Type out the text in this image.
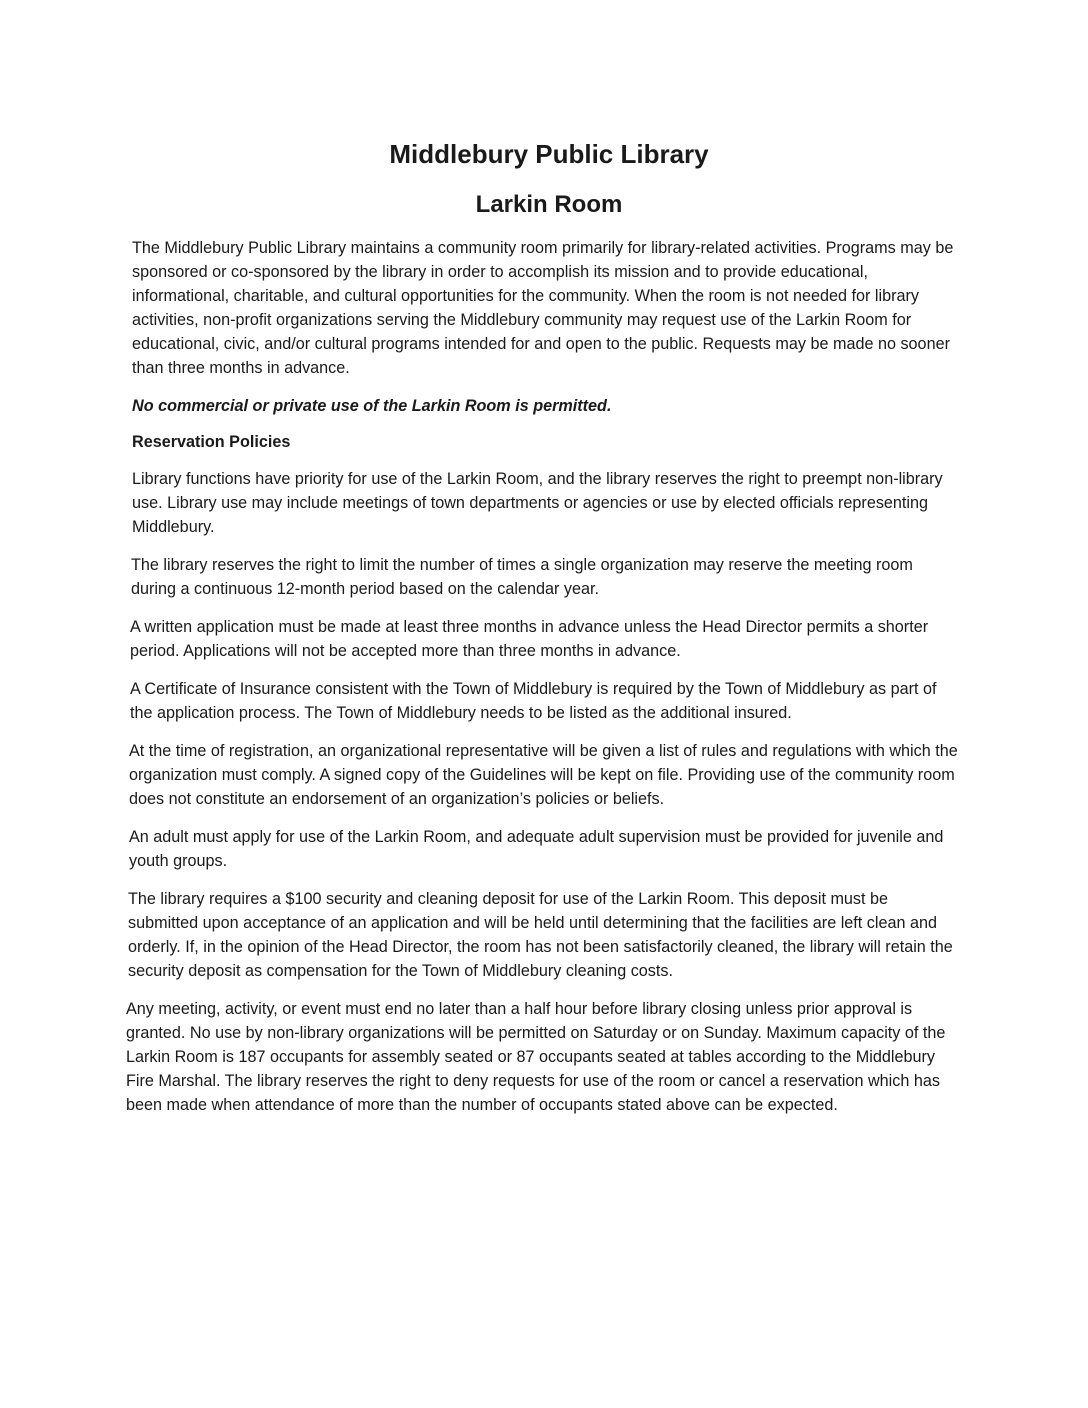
Middlebury Public Library
Larkin Room

The Middlebury Public Library maintains a community room primarily for library-related activities. Programs may be sponsored or co-sponsored by the library in order to accomplish its mission and to provide educational, informational, charitable, and cultural opportunities for the community. When the room is not needed for library activities, non-profit organizations serving the Middlebury community may request use of the Larkin Room for educational, civic, and/or cultural programs intended for and open to the public. Requests may be made no sooner than three months in advance.

No commercial or private use of the Larkin Room is permitted.

Reservation Policies

Library functions have priority for use of the Larkin Room, and the library reserves the right to preempt non-library use. Library use may include meetings of town departments or agencies or use by elected officials representing Middlebury.

The library reserves the right to limit the number of times a single organization may reserve the meeting room during a continuous 12-month period based on the calendar year.

A written application must be made at least three months in advance unless the Head Director permits a shorter period. Applications will not be accepted more than three months in advance.

A Certificate of Insurance consistent with the Town of Middlebury is required by the Town of Middlebury as part of the application process. The Town of Middlebury needs to be listed as the additional insured.

At the time of registration, an organizational representative will be given a list of rules and regulations with which the organization must comply. A signed copy of the Guidelines will be kept on file. Providing use of the community room does not constitute an endorsement of an organization’s policies or beliefs.

An adult must apply for use of the Larkin Room, and adequate adult supervision must be provided for juvenile and youth groups.

The library requires a $100 security and cleaning deposit for use of the Larkin Room. This deposit must be submitted upon acceptance of an application and will be held until determining that the facilities are left clean and orderly. If, in the opinion of the Head Director, the room has not been satisfactorily cleaned, the library will retain the security deposit as compensation for the Town of Middlebury cleaning costs.

Any meeting, activity, or event must end no later than a half hour before library closing unless prior approval is granted. No use by non-library organizations will be permitted on Saturday or on Sunday. Maximum capacity of the Larkin Room is 187 occupants for assembly seated or 87 occupants seated at tables according to the Middlebury Fire Marshal. The library reserves the right to deny requests for use of the room or cancel a reservation which has been made when attendance of more than the number of occupants stated above can be expected.
